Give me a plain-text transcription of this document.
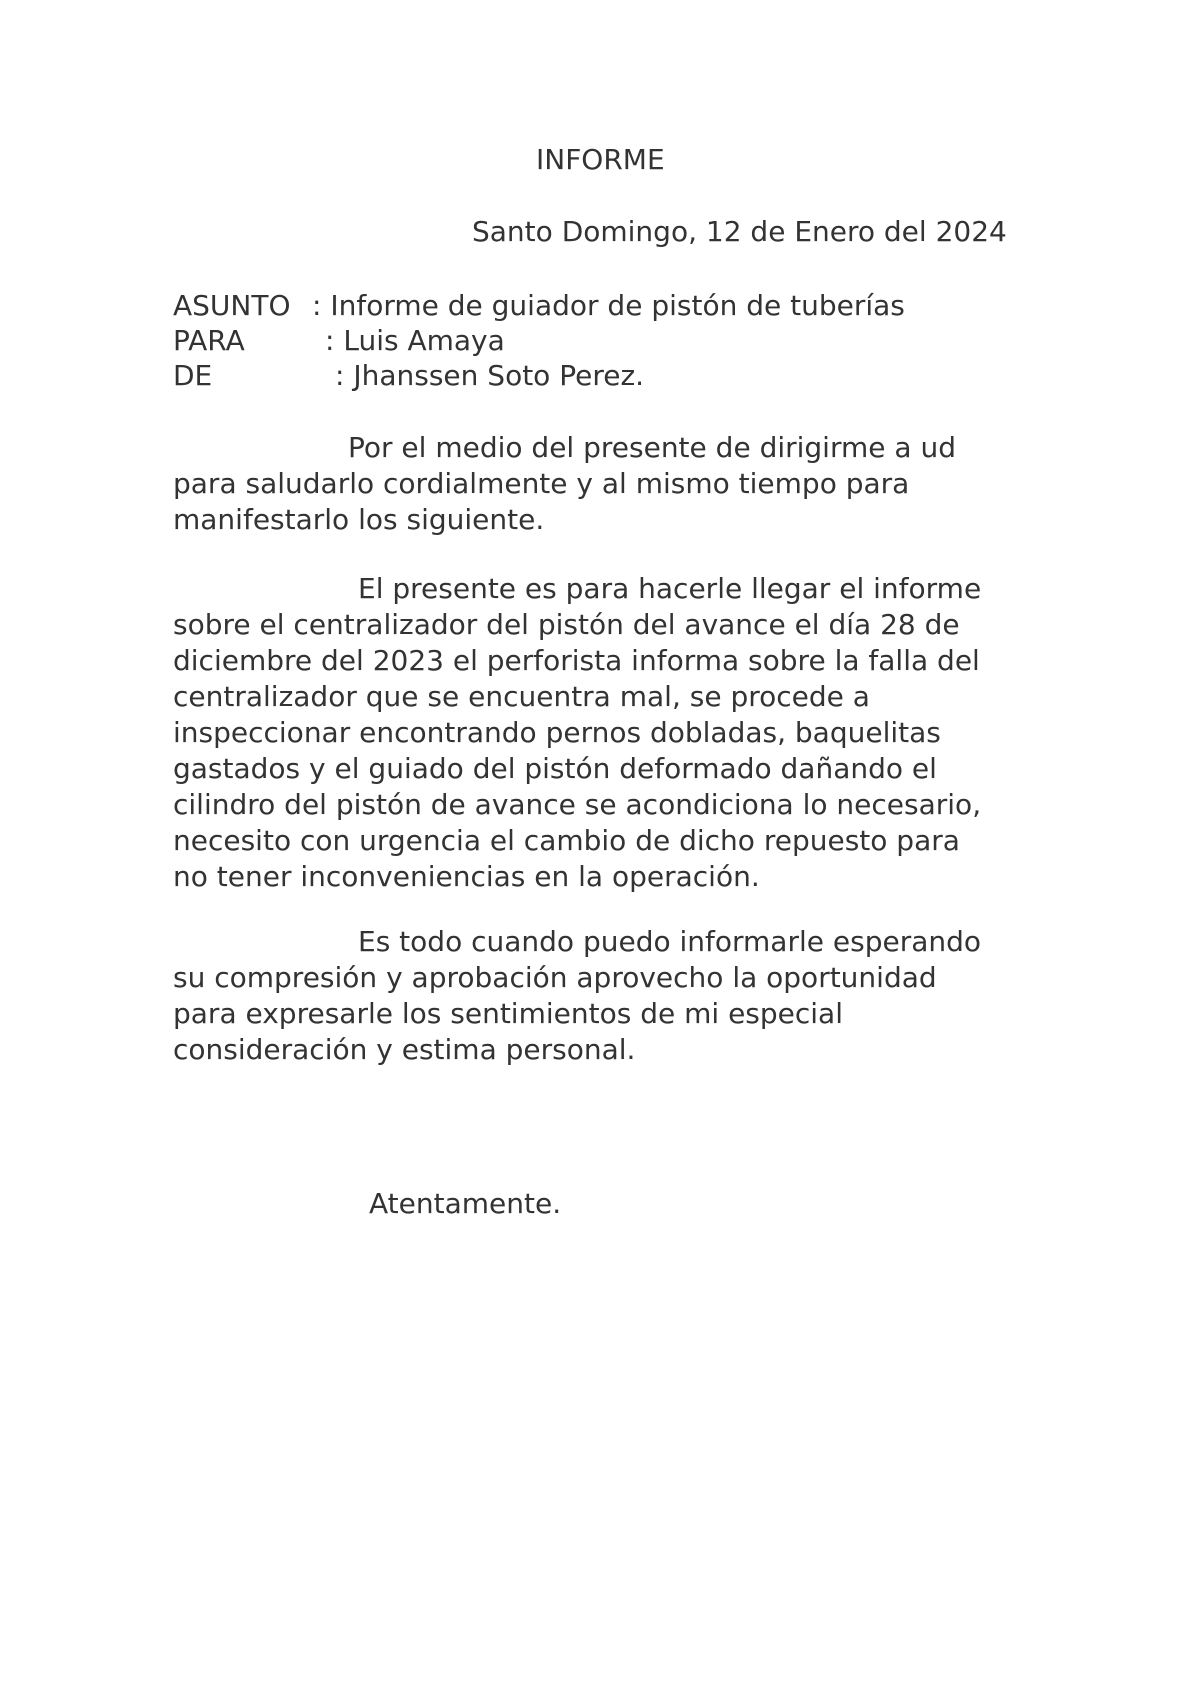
INFORME
Santo Domingo, 12 de Enero del 2024
ASUNTO : Informe de guiador de pistón de tuberías
PARA	: Luis Amaya
DE	: Jhanssen Soto Perez.
Por el medio del presente de dirigirme a ud
para saludarlo cordialmente y al mismo tiempo para
manifestarlo los siguiente.
El presente es para hacerle llegar el informe
sobre el centralizador del pistón del avance el día 28 de
diciembre del 2023 el perforista informa sobre la falla del
centralizador que se encuentra mal, se procede a
inspeccionar encontrando pernos dobladas, baquelitas
gastados y el guiado del pistón deformado dañando el
cilindro del pistón de avance se acondiciona lo necesario,
necesito con urgencia el cambio de dicho repuesto para
no tener inconveniencias en la operación.
Es todo cuando puedo informarle esperando
su compresión y aprobación aprovecho la oportunidad
para expresarle los sentimientos de mi especial
consideración y estima personal.
Atentamente.
